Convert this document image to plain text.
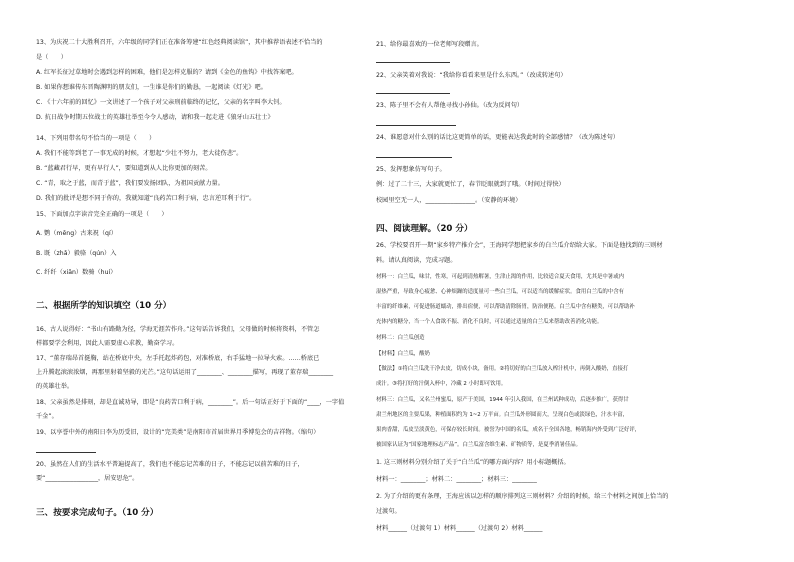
13、为庆祝二十大胜利召开，六年级的同学们正在准备筹建“红色经典阅读馆”，其中推荐语表述不恰当的
是（　　）
A. 红军长征过草地时会遇到怎样的困难，他们是怎样克服的？请到《金色的鱼钩》中找答案吧。
B. 如果你想谁传东晋陶渊明的朋友们，一生谁是你们的勤恳，一起阅读《灯光》吧。
C. 《十六年前的回忆》一文讲述了一个孩子对父亲刑前临终的记忆，父亲的名字叫李大钊。
D. 抗日战争时期五位战士的英雄壮举至今令人感动，请和我一起走进《狼牙山五壮士》
14、下列用带名句不恰当的一项是（　　）
A. 我们不能等到老了一事无成的时候，才想起“少壮不努力，老大徒伤悲”。
B. “蓝藏君行早，更有早行人”，要知道到从人比你更加的刻苦。
C. “青，取之于蓝，而青于蓝”，我们要发扬团队，为祖国贡献力量。
D. 我们的批评是想不同于你的，我就知道“良药苦口利于病，忠言逆耳利于行”。
15、下面加点字读音完全正确的一项是（　　）
A. 鹦（mēng）古来祝（qí）
B. 既（zhǎ）毅骆（qún）入
C. 纤纤（xiān）数骑（huí）
二、根据所学的知识填空（10 分）
16、古人说得好：“书山有路勤为径，学海无涯苦作舟。”这句话告诉我们，父母做的时候将资料，不管怎
样都要学会利用，因此人需要虚心求教，勤奋学习。
17、“董存瑞昂首挺胸，站在桥底中央，左手托起炸药包，对准桥底，右手猛地一拉导火索。……桥底已
上升腾起滚滚浓烟，再那里射着坚毅的光芒。”这句话运用了________、________描写，再现了董存瑞________
的英雄壮举。
18、父亲虽然是排刻，却是直诚劝导，即是“良药苦口利于病，________”。后一句话正好于下面的“____，一字值
千金”。
19、以享誉中外的南阳日李为历受旧，设计的“完美类”是南阳市首届世界月季博览会的吉祥物。（缩句）
20、虽然在人们的生活水平普遍提高了，我们也不能忘记苦难的日子，不能忘记以前苦难的日子，
要“_________________，居安思危”。
三、按要求完成句子。（10 分）
21、给你最喜欢的一位老师写段赠言。
22、父亲笑着对我说：“我给你看看来里是什么东西。”（改成转述句）
23、陈子里不会有人帮他寻找小孙仙。（改为反问句）
24、谁愿意对什么别的话比这更简单的话，更能表达我此时的全部感情？（改为陈述句）
25、发挥想象仿写句子。
例：过了二十三，大家就更忙了，春节眨眼就到了哦。（时间过得快）
校园里空无一人，________________。（安静的环境）
四、阅读理解。（20 分）
26、学校要召开一期“家乡特产推介会”，王海同学想把家乡的白兰瓜介绍给大家。下面是他找到的三则材
料。请认真阅读，完成习题。
材料一：白兰瓜，味甘，性寒，可起到清热解暑，生津止渴的作用，比较适合夏天食用，尤其是中暑或内
湿热严重，导致身心疲惫、心神烦躁的适度量可一些白兰瓜，可以适当的缓解症状。食用白兰瓜的中含有
丰富的纤维素，可促进肠道蠕动，排出宿便，可以帮助清除肠胃，防治便秘。白兰瓜中含有糖类，可以帮助补
充体内的糖分，当一个人食欲不振、消化不良时，可以通过适量的白兰瓜来帮助改善消化功能。
材料二：白兰瓜创造
【材料】白兰瓜，酸奶
【做法】①将白兰瓜洗干净去皮，切成小块，备用。②将切好的白兰瓜放入榨汁机中，再倒入酸奶，直接打
成汁。③将打好的汁倒入杯中，冷藏 2 小时即可饮用。
材料三：白兰瓜，又名兰州蜜瓜，原产于美国，1944 年引入我国，在兰州试种成功，后逐步推广，获得甘
肃兰州地区的主要瓜果，种植面积约为 1~2 万平亩。白兰瓜外形圆而大，呈现白色或淡绿色，汁水丰富，
果肉香甜，瓜皮呈淡黄色，可保存较长时间。被誉为中国的名瓜，成名于全国各地，畅销海内外受到广泛好评，
被国家认证为“国家地理标志产品”。白兰瓜富含维生素、矿物质等，是夏季消暑佳品。
1. 这三则材料分别介绍了关于“白兰瓜”的哪方面内容？用小标题概括。
材料一：________；材料二：________；材料三：________
2. 为了介绍的更有条理，王海应该以怎样的顺序排列这三则材料？介绍的时候，给三个材料之间加上恰当的
过渡句。
材料______（过渡句 1）材料______（过渡句 2）材料______
